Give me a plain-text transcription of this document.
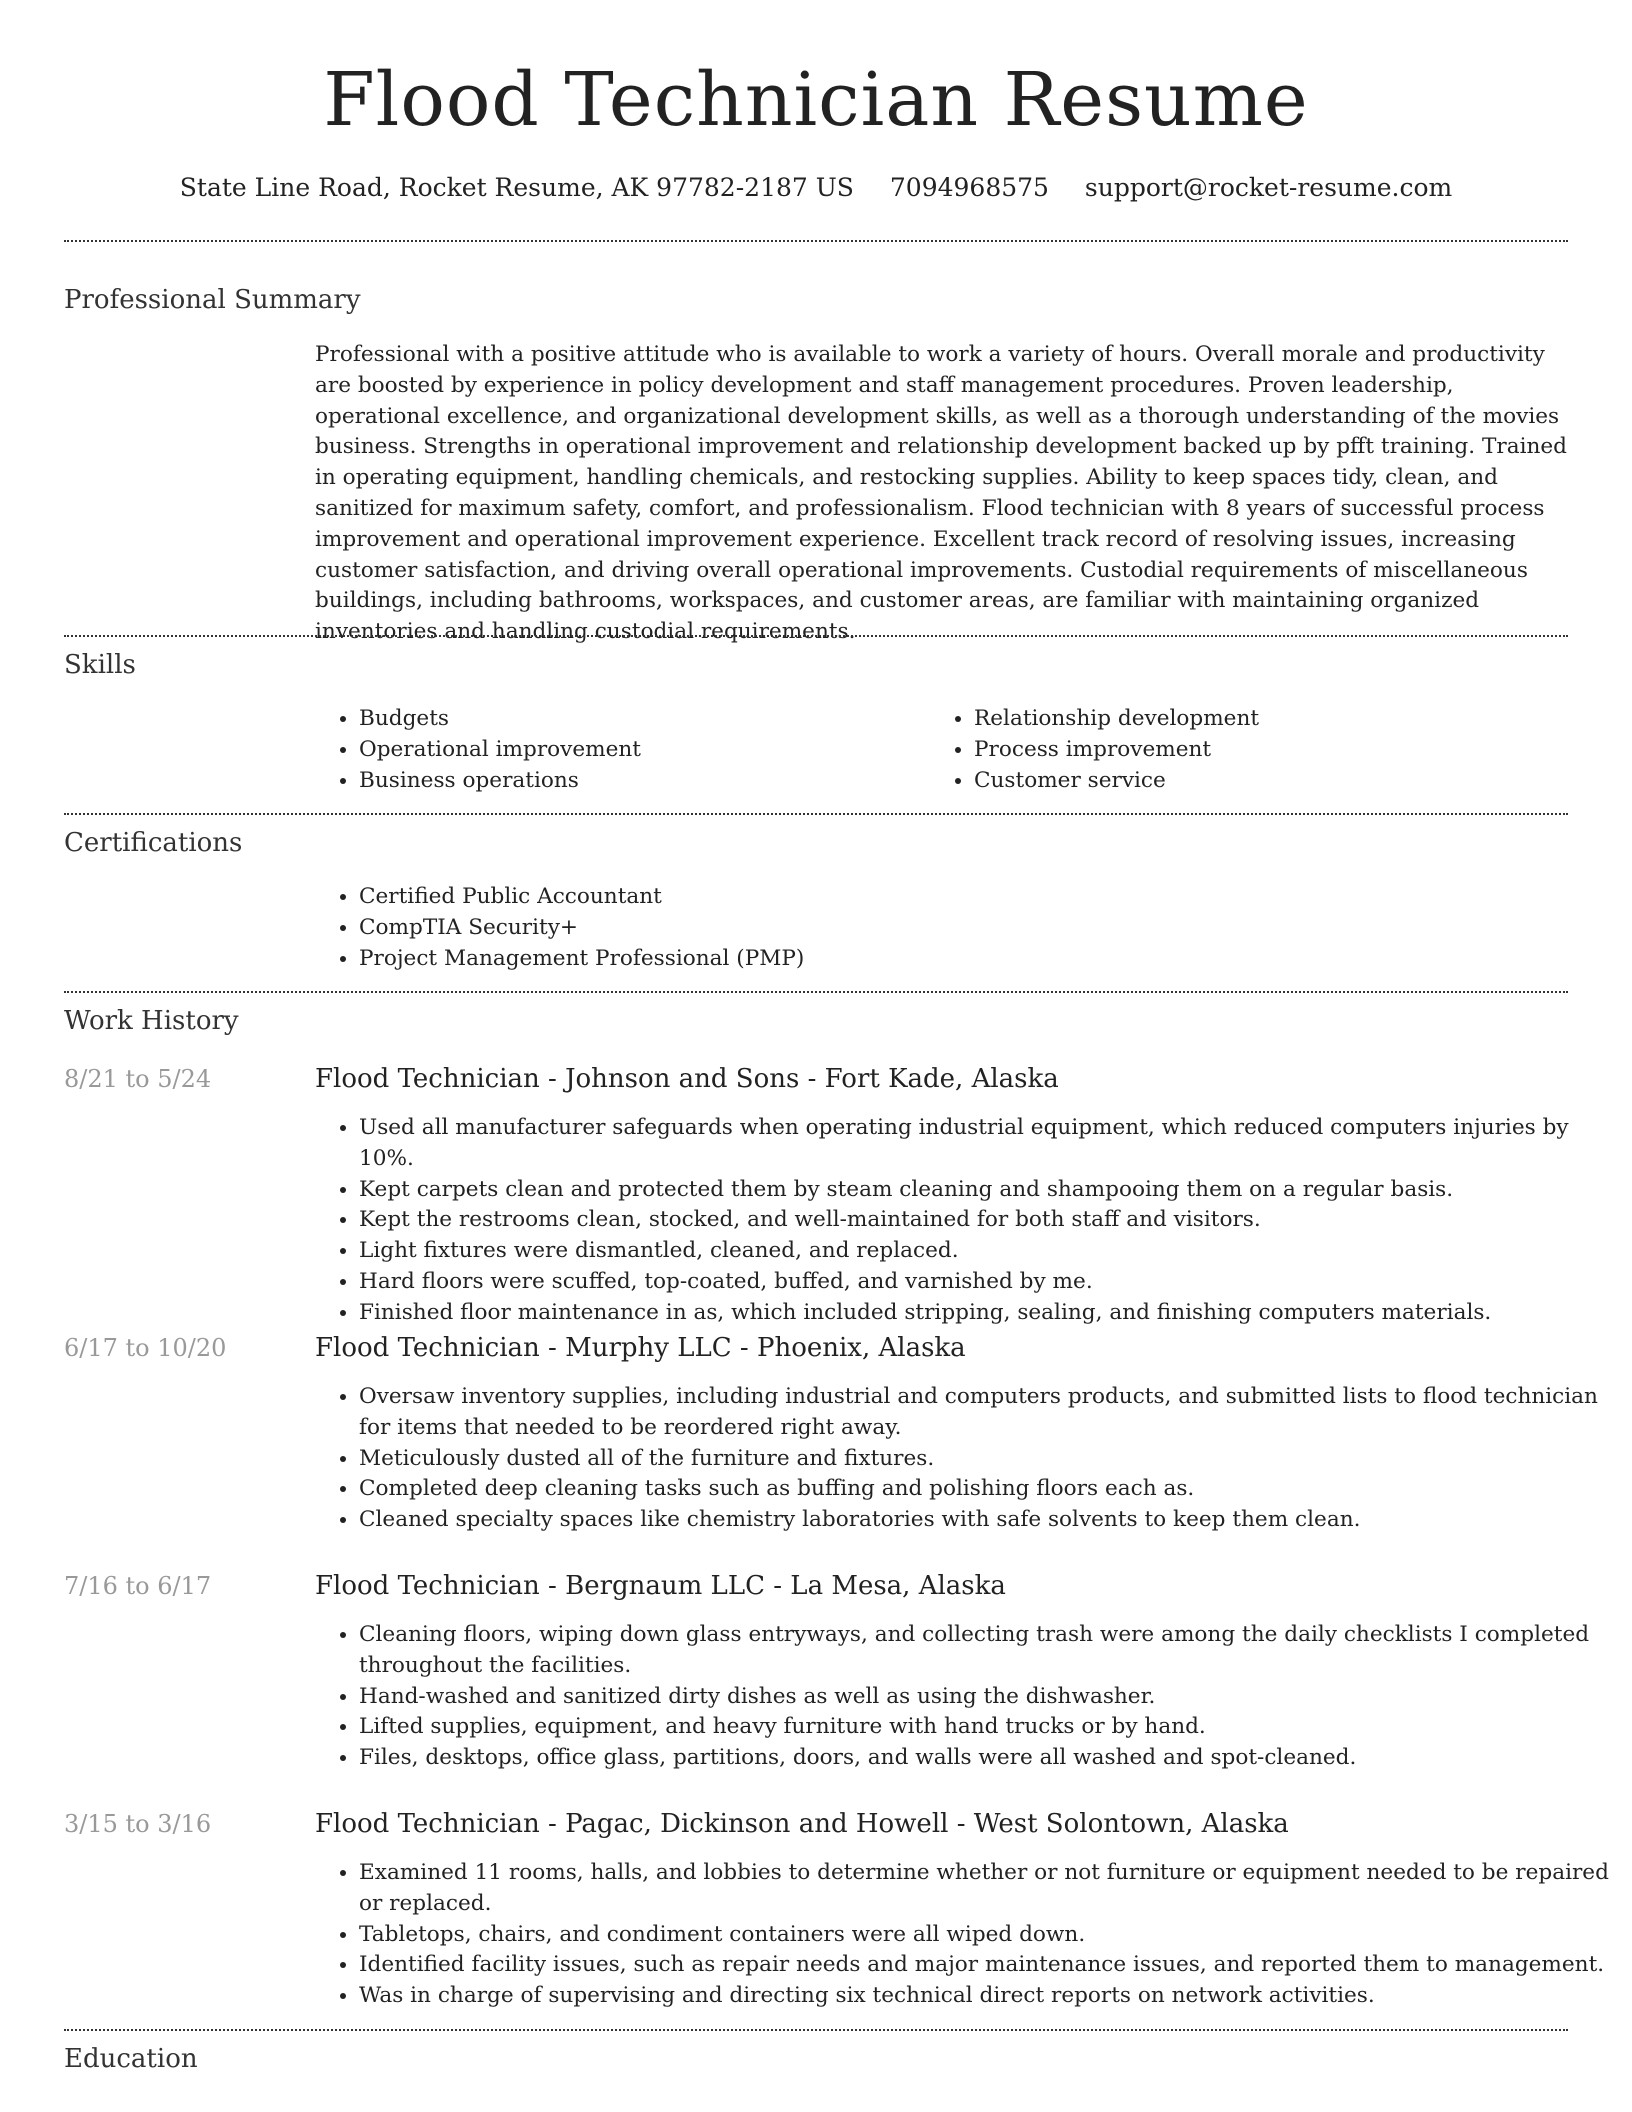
Flood Technician Resume
State Line Road, Rocket Resume, AK 97782-2187 US 7094968575 support@rocket-resume.com
Professional Summary

Professional with a positive attitude who is available to work a variety of hours. Overall morale and productivity are boosted by experience in policy development and staff management procedures. Proven leadership, operational excellence, and organizational development skills, as well as a thorough understanding of the movies business. Strengths in operational improvement and relationship development backed up by pfft training. Trained in operating equipment, handling chemicals, and restocking supplies. Ability to keep spaces tidy, clean, and sanitized for maximum safety, comfort, and professionalism. Flood technician with 8 years of successful process improvement and operational improvement experience. Excellent track record of resolving issues, increasing customer satisfaction, and driving overall operational improvements. Custodial requirements of miscellaneous buildings, including bathrooms, workspaces, and customer areas, are familiar with maintaining organized inventories and handling custodial requirements.

Skills
• Budgets
• Operational improvement
• Business operations
• Relationship development
• Process improvement
• Customer service
Certifications
• Certified Public Accountant
• CompTIA Security+
• Project Management Professional (PMP)
Work History
8/21 to 5/24	Flood Technician - Johnson and Sons - Fort Kade, Alaska
• Used all manufacturer safeguards when operating industrial equipment, which reduced computers injuries by 10%.
• Kept carpets clean and protected them by steam cleaning and shampooing them on a regular basis.
• Kept the restrooms clean, stocked, and well-maintained for both staff and visitors.
• Light fixtures were dismantled, cleaned, and replaced.
• Hard floors were scuffed, top-coated, buffed, and varnished by me.
• Finished floor maintenance in as, which included stripping, sealing, and finishing computers materials.
6/17 to 10/20	Flood Technician - Murphy LLC - Phoenix, Alaska
• Oversaw inventory supplies, including industrial and computers products, and submitted lists to flood technician for items that needed to be reordered right away.
• Meticulously dusted all of the furniture and fixtures.
• Completed deep cleaning tasks such as buffing and polishing floors each as.
• Cleaned specialty spaces like chemistry laboratories with safe solvents to keep them clean.
7/16 to 6/17	Flood Technician - Bergnaum LLC - La Mesa, Alaska
• Cleaning floors, wiping down glass entryways, and collecting trash were among the daily checklists I completed throughout the facilities.
• Hand-washed and sanitized dirty dishes as well as using the dishwasher.
• Lifted supplies, equipment, and heavy furniture with hand trucks or by hand.
• Files, desktops, office glass, partitions, doors, and walls were all washed and spot-cleaned.
3/15 to 3/16	Flood Technician - Pagac, Dickinson and Howell - West Solontown, Alaska
• Examined 11 rooms, halls, and lobbies to determine whether or not furniture or equipment needed to be repaired or replaced.
• Tabletops, chairs, and condiment containers were all wiped down.
• Identified facility issues, such as repair needs and major maintenance issues, and reported them to management.
• Was in charge of supervising and directing six technical direct reports on network activities.
Education
